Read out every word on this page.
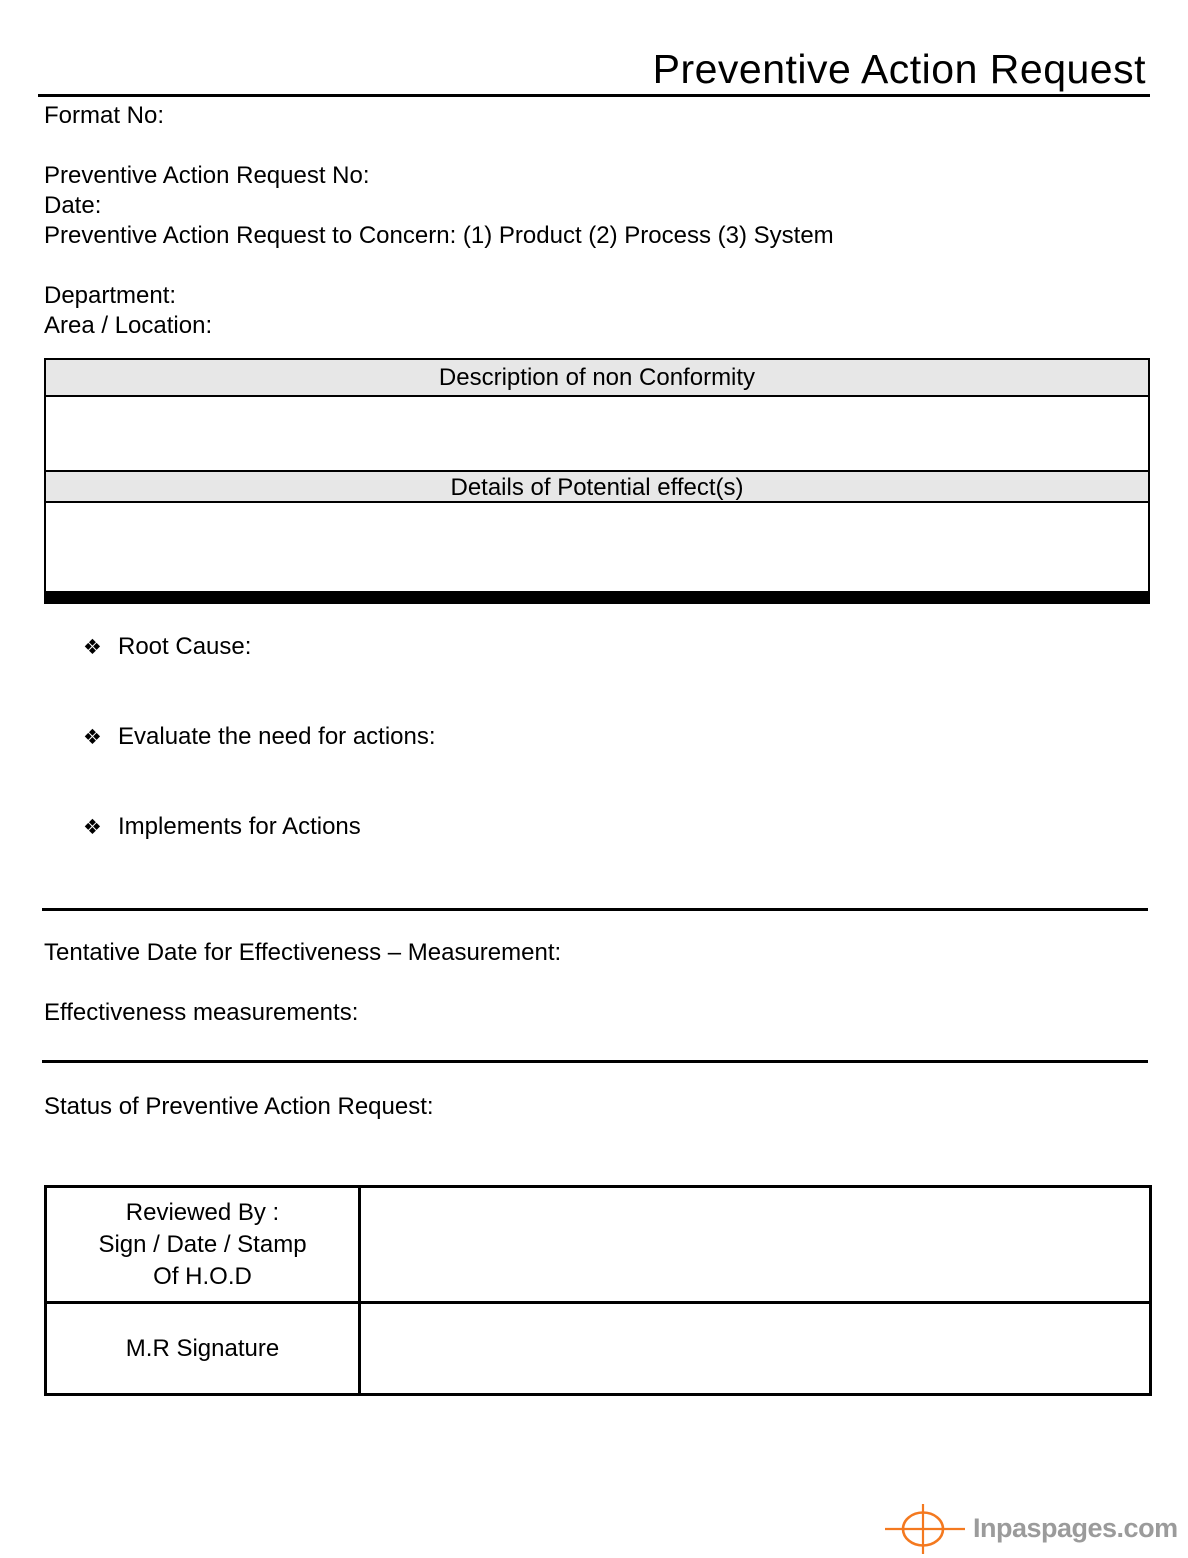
Preventive Action Request
Format No:
Preventive Action Request No:
Date:
Preventive Action Request to Concern: (1) Product (2) Process (3) System
Department:
Area / Location:
Description of non Conformity
Details of Potential effect(s)
❖ Root Cause:
❖ Evaluate the need for actions:
❖ Implements for Actions
Tentative Date for Effectiveness – Measurement:
Effectiveness measurements:
Status of Preventive Action Request:
Reviewed By :
Sign / Date / Stamp
Of H.O.D
M.R Signature
Inpaspages.com
